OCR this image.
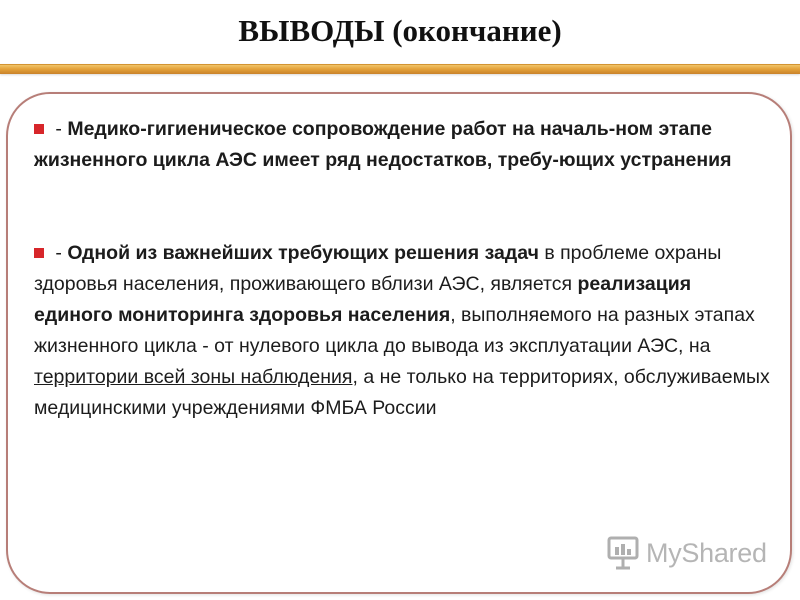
ВЫВОДЫ (окончание)
- Медико-гигиеническое сопровождение работ на началь-ном этапе жизненного цикла АЭС имеет ряд недостатков, требу-ющих устранения
- Одной из важнейших требующих решения задач в проблеме охраны здоровья населения, проживающего вблизи АЭС, является реализация единого мониторинга здоровья населения, выполняемого на разных этапах жизненного цикла - от нулевого цикла до вывода из эксплуатации АЭС, на территории всей зоны наблюдения, а не только на территориях, обслуживаемых медицинскими учреждениями ФМБА России
MyShared
